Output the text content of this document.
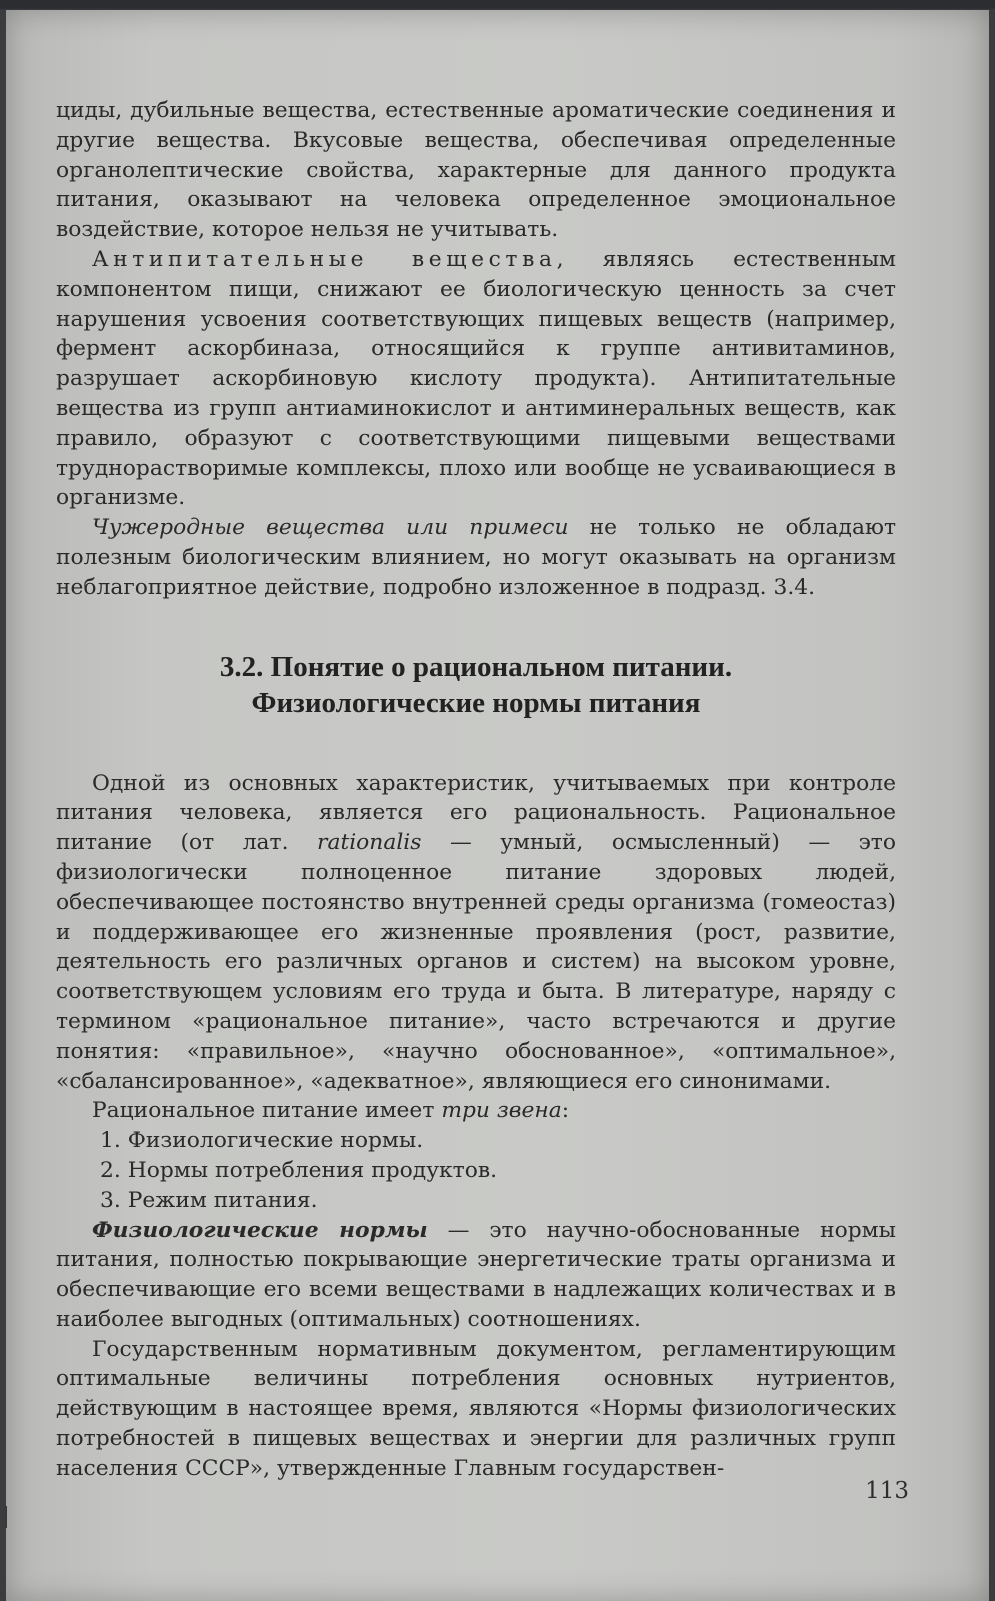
циды, дубильные вещества, естественные ароматические соединения и другие вещества. Вкусовые вещества, обеспечивая определенные органолептические свойства, характерные для данного продукта питания, оказывают на человека определенное эмоциональное воздействие, которое нельзя не учитывать.

Антипитательные вещества, являясь естественным компонентом пищи, снижают ее биологическую ценность за счет нарушения усвоения соответствующих пищевых веществ (например, фермент аскорбиназа, относящийся к группе антивитаминов, разрушает аскорбиновую кислоту продукта). Антипитательные вещества из групп антиаминокислот и антиминеральных веществ, как правило, образуют с соответствующими пищевыми веществами труднорастворимые комплексы, плохо или вообще не усваивающиеся в организме.

Чужеродные вещества или примеси не только не обладают полезным биологическим влиянием, но могут оказывать на организм неблагоприятное действие, подробно изложенное в подразд. 3.4.

3.2. Понятие о рациональном питании.
Физиологические нормы питания

Одной из основных характеристик, учитываемых при контроле питания человека, является его рациональность. Рациональное питание (от лат. rationalis — умный, осмысленный) — это физиологически полноценное питание здоровых людей, обеспечивающее постоянство внутренней среды организма (гомеостаз) и поддерживающее его жизненные проявления (рост, развитие, деятельность его различных органов и систем) на высоком уровне, соответствующем условиям его труда и быта. В литературе, наряду с термином «рациональное питание», часто встречаются и другие понятия: «правильное», «научно обоснованное», «оптимальное», «сбалансированное», «адекватное», являющиеся его синонимами.

Рациональное питание имеет три звена:

1. Физиологические нормы.

2. Нормы потребления продуктов.

3. Режим питания.

Физиологические нормы — это научно-обоснованные нормы питания, полностью покрывающие энергетические траты организма и обеспечивающие его всеми веществами в надлежащих количествах и в наиболее выгодных (оптимальных) соотношениях.

Государственным нормативным документом, регламентирующим оптимальные величины потребления основных нутриентов, действующим в настоящее время, являются «Нормы физиологических потребностей в пищевых веществах и энергии для различных групп населения СССР», утвержденные Главным государствен-

113
